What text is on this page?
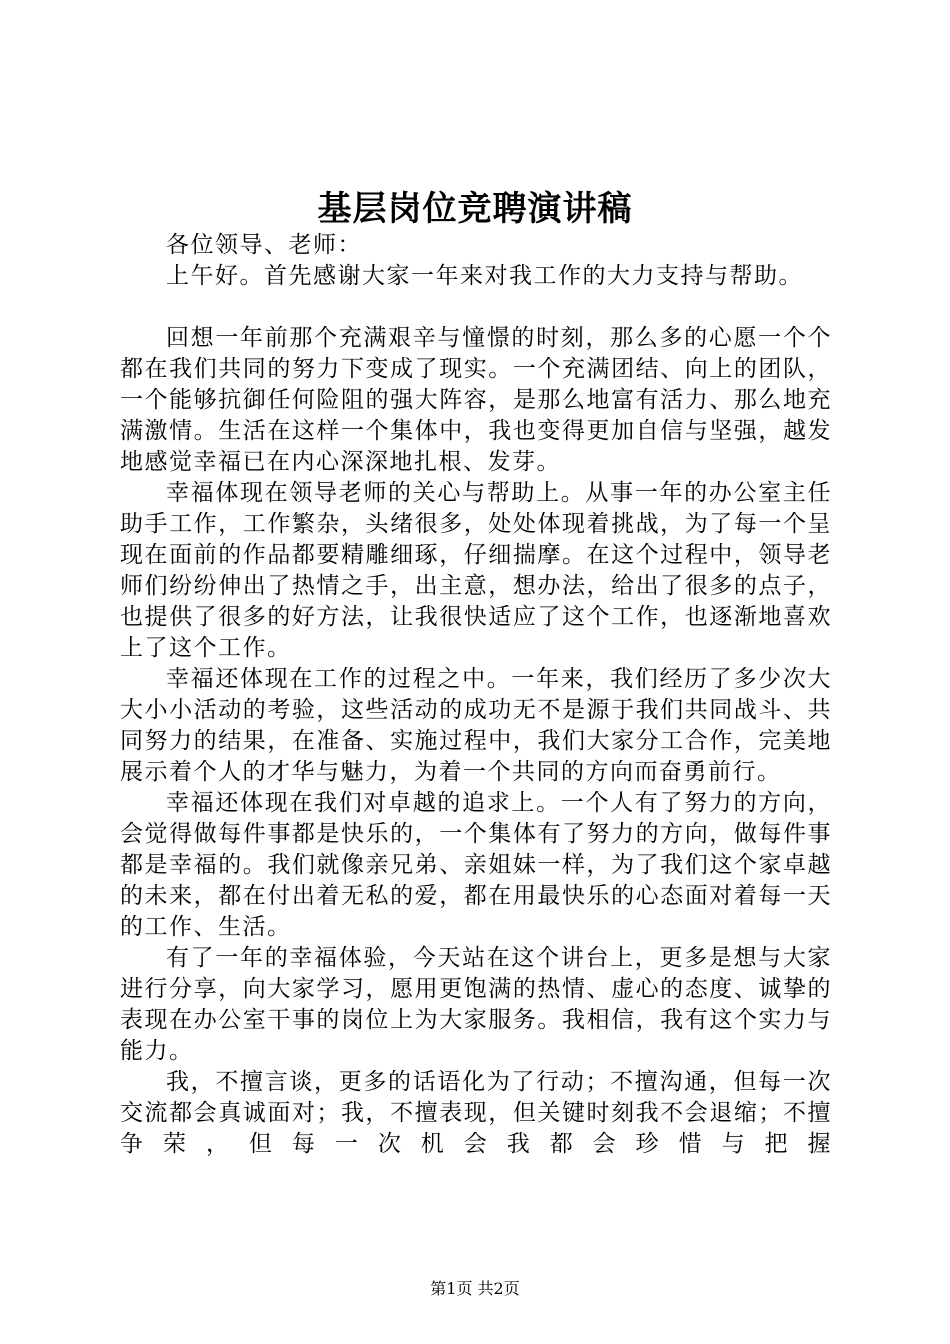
基层岗位竞聘演讲稿

各位领导、老师：

上午好。首先感谢大家一年来对我工作的大力支持与帮助。

回想一年前那个充满艰辛与憧憬的时刻，那么多的心愿一个个都在我们共同的努力下变成了现实。一个充满团结、向上的团队，一个能够抗御任何险阻的强大阵容，是那么地富有活力、那么地充满激情。生活在这样一个集体中，我也变得更加自信与坚强，越发地感觉幸福已在内心深深地扎根、发芽。

幸福体现在领导老师的关心与帮助上。从事一年的办公室主任助手工作，工作繁杂，头绪很多，处处体现着挑战，为了每一个呈现在面前的作品都要精雕细琢，仔细揣摩。在这个过程中，领导老师们纷纷伸出了热情之手，出主意，想办法，给出了很多的点子，也提供了很多的好方法，让我很快适应了这个工作，也逐渐地喜欢上了这个工作。

幸福还体现在工作的过程之中。一年来，我们经历了多少次大大小小活动的考验，这些活动的成功无不是源于我们共同战斗、共同努力的结果，在准备、实施过程中，我们大家分工合作，完美地展示着个人的才华与魅力，为着一个共同的方向而奋勇前行。

幸福还体现在我们对卓越的追求上。一个人有了努力的方向，会觉得做每件事都是快乐的，一个集体有了努力的方向，做每件事都是幸福的。我们就像亲兄弟、亲姐妹一样，为了我们这个家卓越的未来，都在付出着无私的爱，都在用最快乐的心态面对着每一天的工作、生活。

有了一年的幸福体验，今天站在这个讲台上，更多是想与大家进行分享，向大家学习，愿用更饱满的热情、虚心的态度、诚挚的表现在办公室干事的岗位上为大家服务。我相信，我有这个实力与能力。

我，不擅言谈，更多的话语化为了行动；不擅沟通，但每一次交流都会真诚面对；我，不擅表现，但关键时刻我不会退缩；不擅争荣，但每一次机会我都会珍惜与把握

第1页 共2页
